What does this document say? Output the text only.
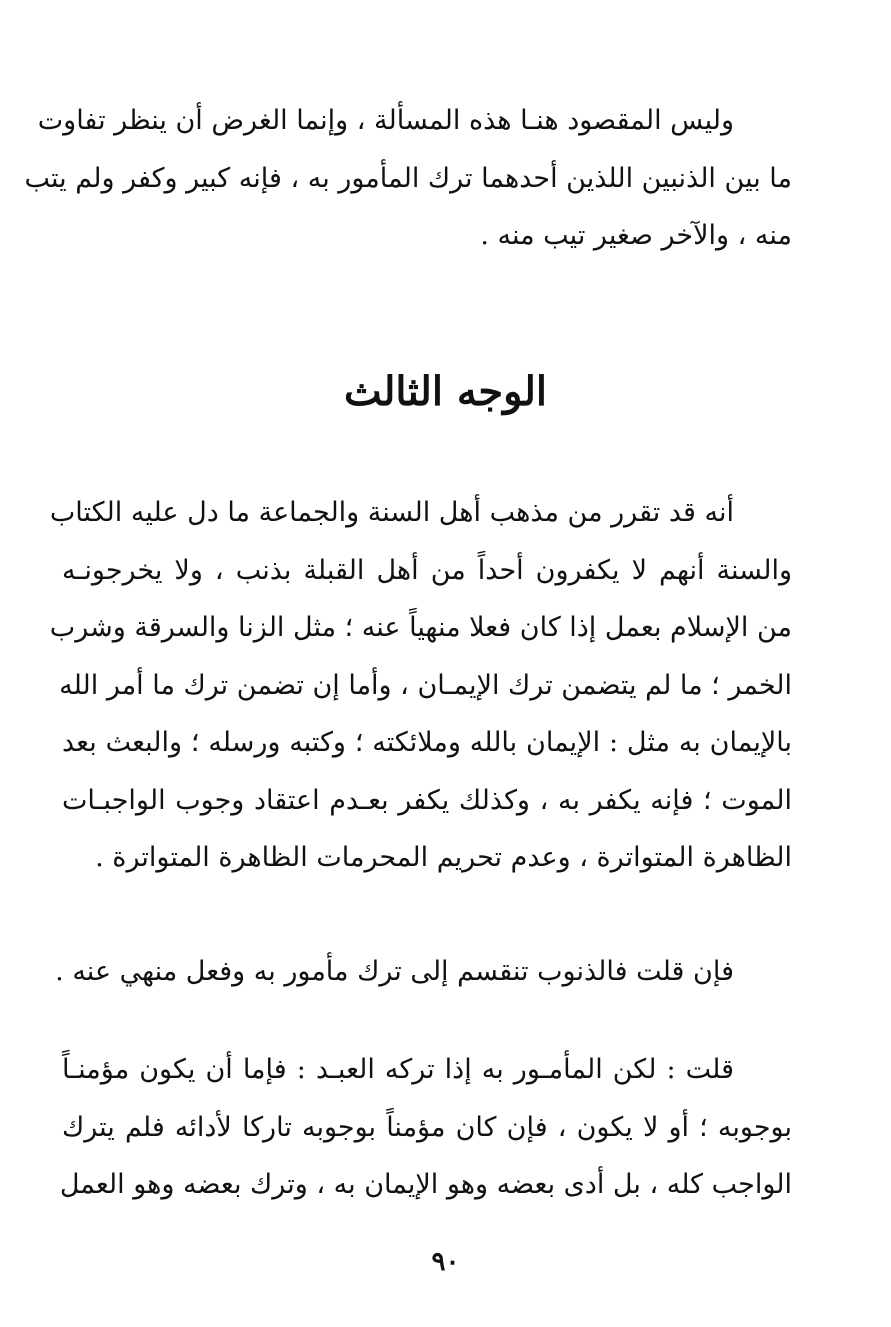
وليس المقصود هنـا هذه المسألة ، وإنما الغرض أن ينظر تفاوت
ما بين الذنبين اللذين أحدهما ترك المأمور به ، فإنه كبير وكفر ولم يتب
منه ، والآخر صغير تيب منه .
الوجه الثالث
أنه قد تقرر من مذهب أهل السنة والجماعة ما دل عليه الكتاب
والسنة أنهم لا يكفرون أحداً من أهل القبلة بذنب ، ولا يخرجونـه
من الإسلام بعمل إذا كان فعلا منهياً عنه ؛ مثل الزنا والسرقة وشرب
الخمر ؛ ما لم يتضمن ترك الإيمـان ، وأما إن تضمن ترك ما أمر الله
بالإيمان به مثل : الإيمان بالله وملائكته ؛ وكتبه ورسله ؛ والبعث بعد
الموت ؛ فإنه يكفر به ، وكذلك يكفر بعـدم اعتقاد وجوب الواجبـات
الظاهرة المتواترة ، وعدم تحريم المحرمات الظاهرة المتواترة .
فإن قلت فالذنوب تنقسم إلى ترك مأمور به وفعل منهي عنه .
قلت : لكن المأمـور به إذا تركه العبـد : فإما أن يكون مؤمنـاً
بوجوبه ؛ أو لا يكون ، فإن كان مؤمناً بوجوبه تاركا لأدائه فلم يترك
الواجب كله ، بل أدى بعضه وهو الإيمان به ، وترك بعضه وهو العمل
٩٠
